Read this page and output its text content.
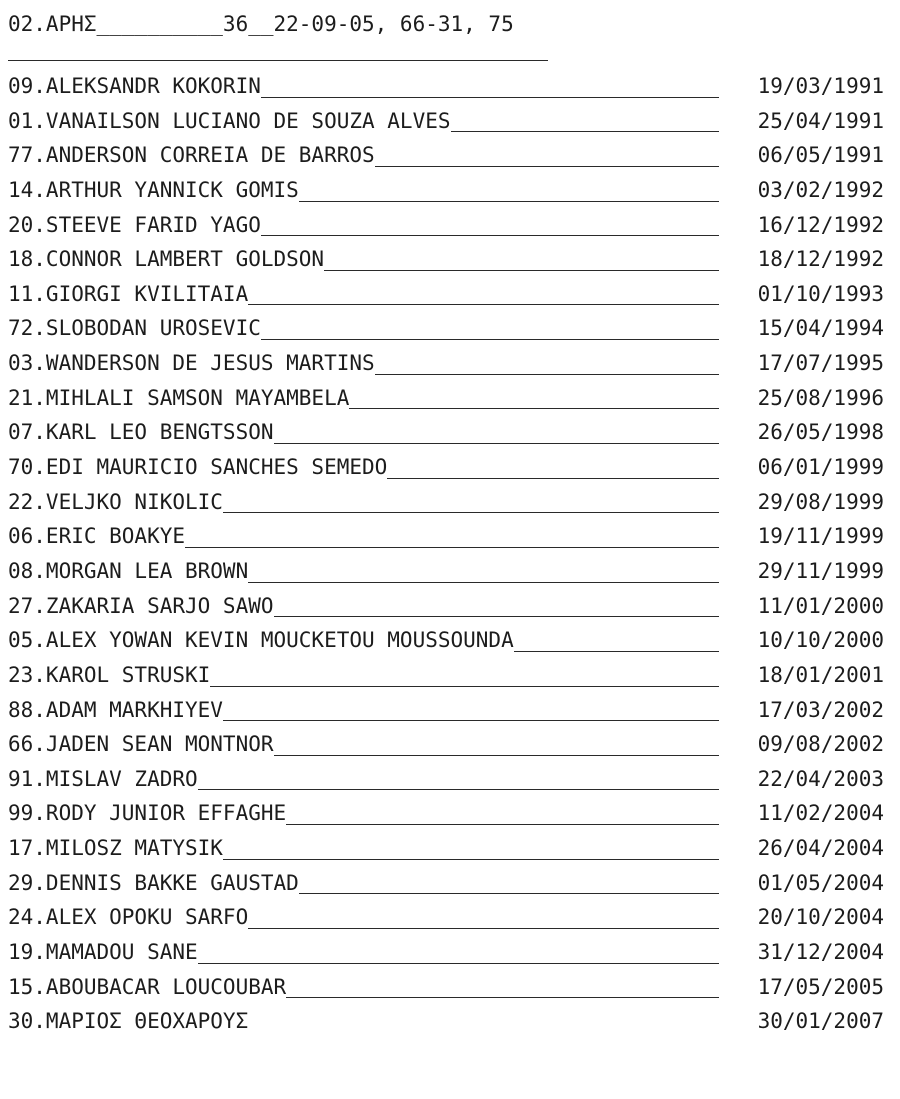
02.ΑΡΗΣ__________36__22-09-05, 66-31, 75
09.ALEKSANDR KOKORIN	19/03/1991
01.VANAILSON LUCIANO DE SOUZA ALVES	25/04/1991
77.ANDERSON CORREIA DE BARROS	06/05/1991
14.ARTHUR YANNICK GOMIS	03/02/1992
20.STEEVE FARID YAGO	16/12/1992
18.CONNOR LAMBERT GOLDSON	18/12/1992
11.GIORGI KVILITAIA	01/10/1993
72.SLOBODAN UROSEVIC	15/04/1994
03.WANDERSON DE JESUS MARTINS	17/07/1995
21.MIHLALI SAMSON MAYAMBELA	25/08/1996
07.KARL LEO BENGTSSON	26/05/1998
70.EDI MAURICIO SANCHES SEMEDO	06/01/1999
22.VELJKO NIKOLIC	29/08/1999
06.ERIC BOAKYE	19/11/1999
08.MORGAN LEA BROWN	29/11/1999
27.ZAKARIA SARJO SAWO	11/01/2000
05.ALEX YOWAN KEVIN MOUCKETOU MOUSSOUNDA	10/10/2000
23.KAROL STRUSKI	18/01/2001
88.ADAM MARKHIYEV	17/03/2002
66.JADEN SEAN MONTNOR	09/08/2002
91.MISLAV ZADRO	22/04/2003
99.RODY JUNIOR EFFAGHE	11/02/2004
17.MILOSZ MATYSIK	26/04/2004
29.DENNIS BAKKE GAUSTAD	01/05/2004
24.ALEX OPOKU SARFO	20/10/2004
19.MAMADOU SANE	31/12/2004
15.ABOUBACAR LOUCOUBAR	17/05/2005
30.ΜΑΡΙΟΣ ΘΕΟΧΑΡΟΥΣ	30/01/2007
